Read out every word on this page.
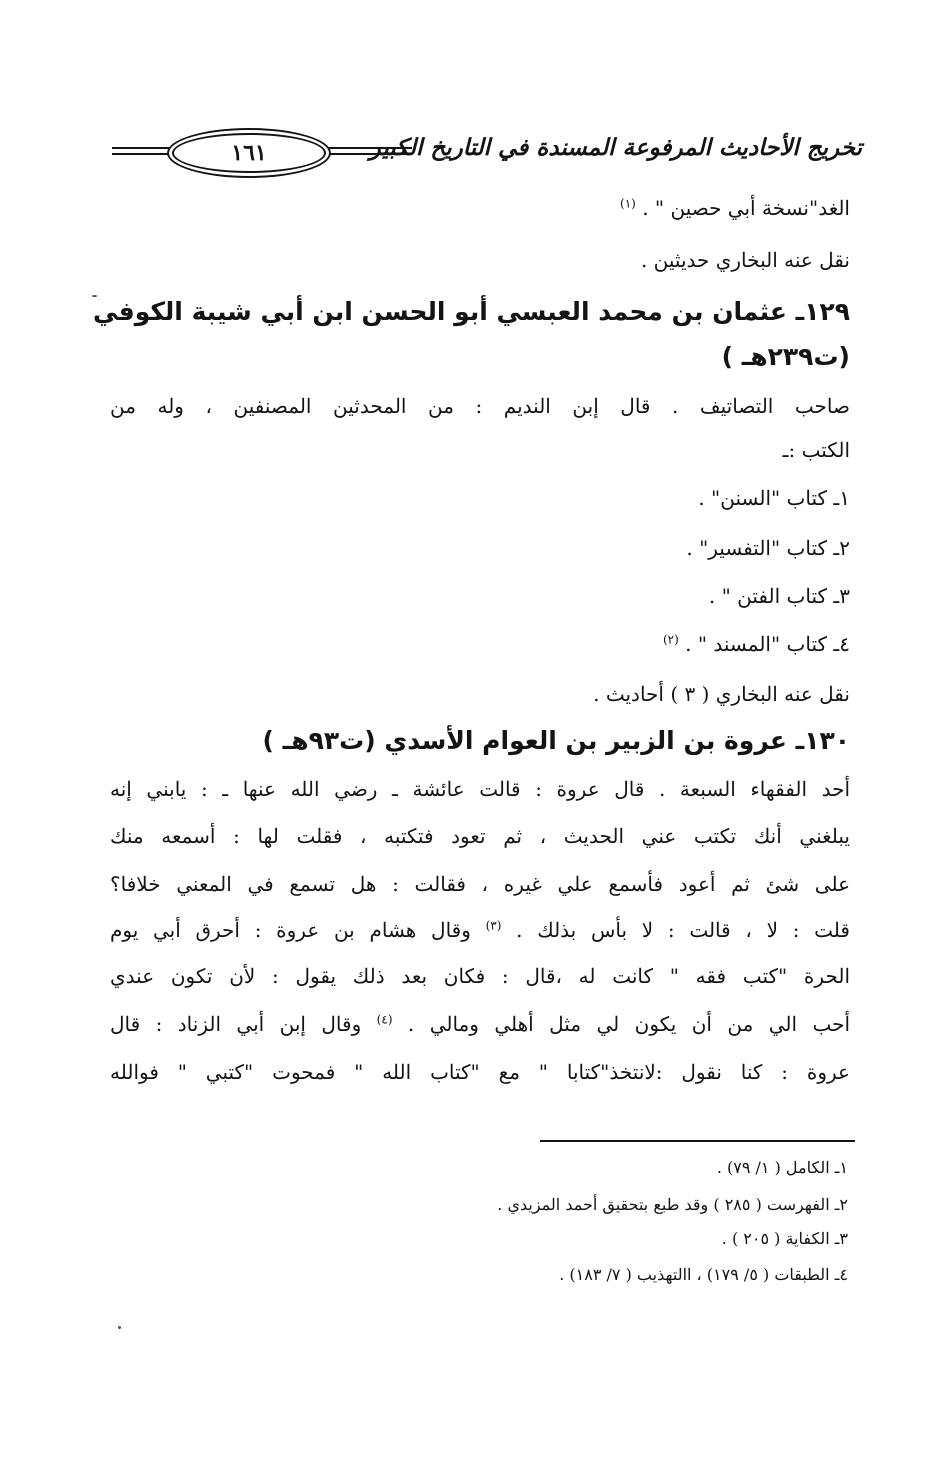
١٦١	تخريج الأحاديث المرفوعة المسندة في التاريخ الكبير
الغد"نسخة أبي حصين " . $^{(١)}$
نقل عنه البخاري حديثين .
١٢٩ـ عثمان بن محمد العبسي أبو الحسن ابن أبي شيبة الكوفي
(ت٢٣٩هـ )
صاحب التصاتيف . قال إبن النديم : من المحدثين المصنفين ، وله من
الكتب :ـ
١ـ كتاب "السنن" .
٢ـ كتاب "التفسير" .
٣ـ كتاب الفتن " .
٤ـ كتاب "المسند " . $^{(٢)}$
نقل عنه البخاري ( ٣ ) أحاديث .
١٣٠ـ عروة بن الزبير بن العوام الأسدي (ت٩٣هـ )
أحد الفقهاء السبعة . قال عروة : قالت عائشة ـ رضي الله عنها ـ : يابني إنه
يبلغني أنك تكتب عني الحديث ، ثم تعود فتكتبه ، فقلت لها : أسمعه منك
على شئ ثم أعود فأسمع علي غيره ، فقالت : هل تسمع في المعني خلافا؟
قلت : لا ، قالت : لا بأس بذلك . $^{(٣)}$ وقال هشام بن عروة : أحرق أبي يوم
الحرة "كتب فقه " كانت له ،قال : فكان بعد ذلك يقول : لأن تكون عندي
أحب الي من أن يكون لي مثل أهلي ومالي . $^{(٤)}$ وقال إبن أبي الزناد : قال
عروة : كنا نقول :لانتخذ"كتابا " مع "كتاب الله " فمحوت "كتبي " فوالله
١ـ الكامل ( ١/ ٧٩) .
٢ـ الفهرست ( ٢٨٥ ) وقد طبع بتحقيق أحمد المزيدي .
٣ـ الكفاية ( ٢٠٥ ) .
٤ـ الطبقات ( ٥/ ١٧٩) ، االتهذيب ( ٧/ ١٨٣) .
